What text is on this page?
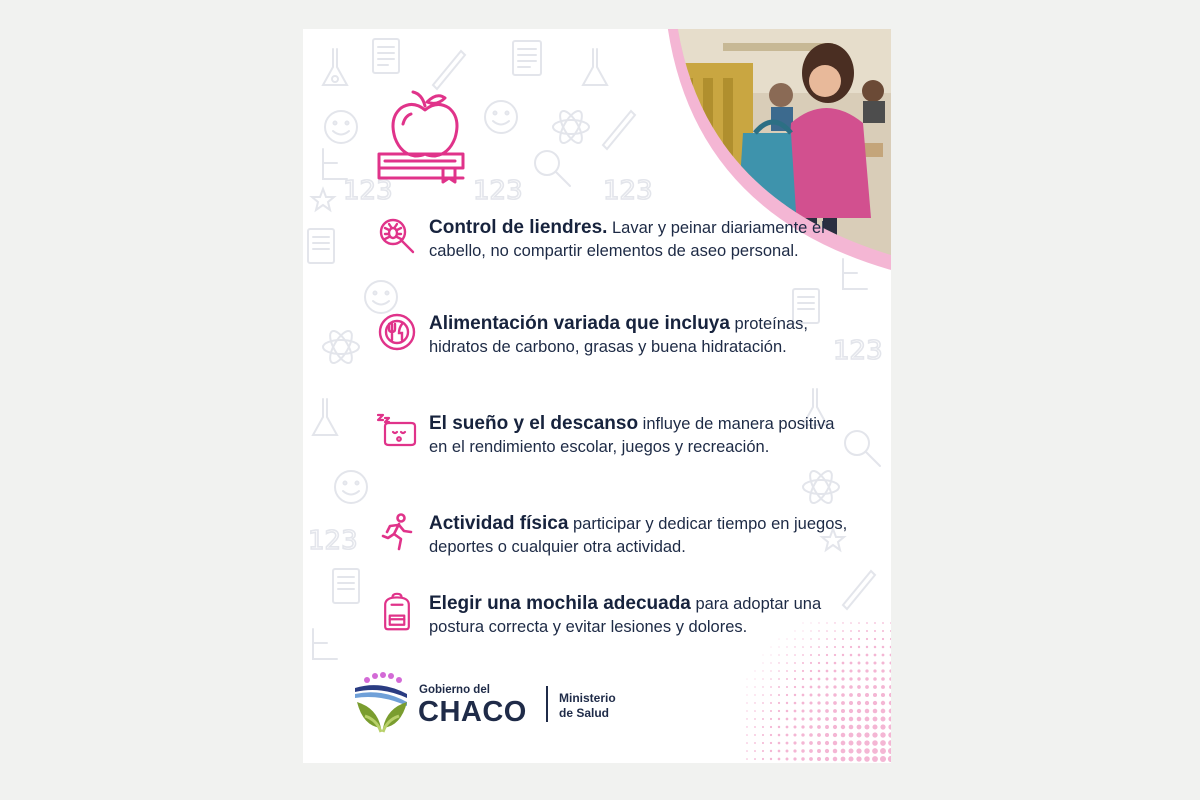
123	123	123
123
123
Control de liendres. Lavar y peinar diariamente el cabello, no compartir elementos de aseo personal.
Alimentación variada que incluya proteínas, hidratos de carbono, grasas y buena hidratación.
El sueño y el descanso influye de manera positiva en el rendimiento escolar, juegos y recreación.
Actividad física participar y dedicar tiempo en juegos, deportes o cualquier otra actividad.
Elegir una mochila adecuada para adoptar una postura correcta y evitar lesiones y dolores.
Gobierno del
CHACO	Ministerio
de Salud
